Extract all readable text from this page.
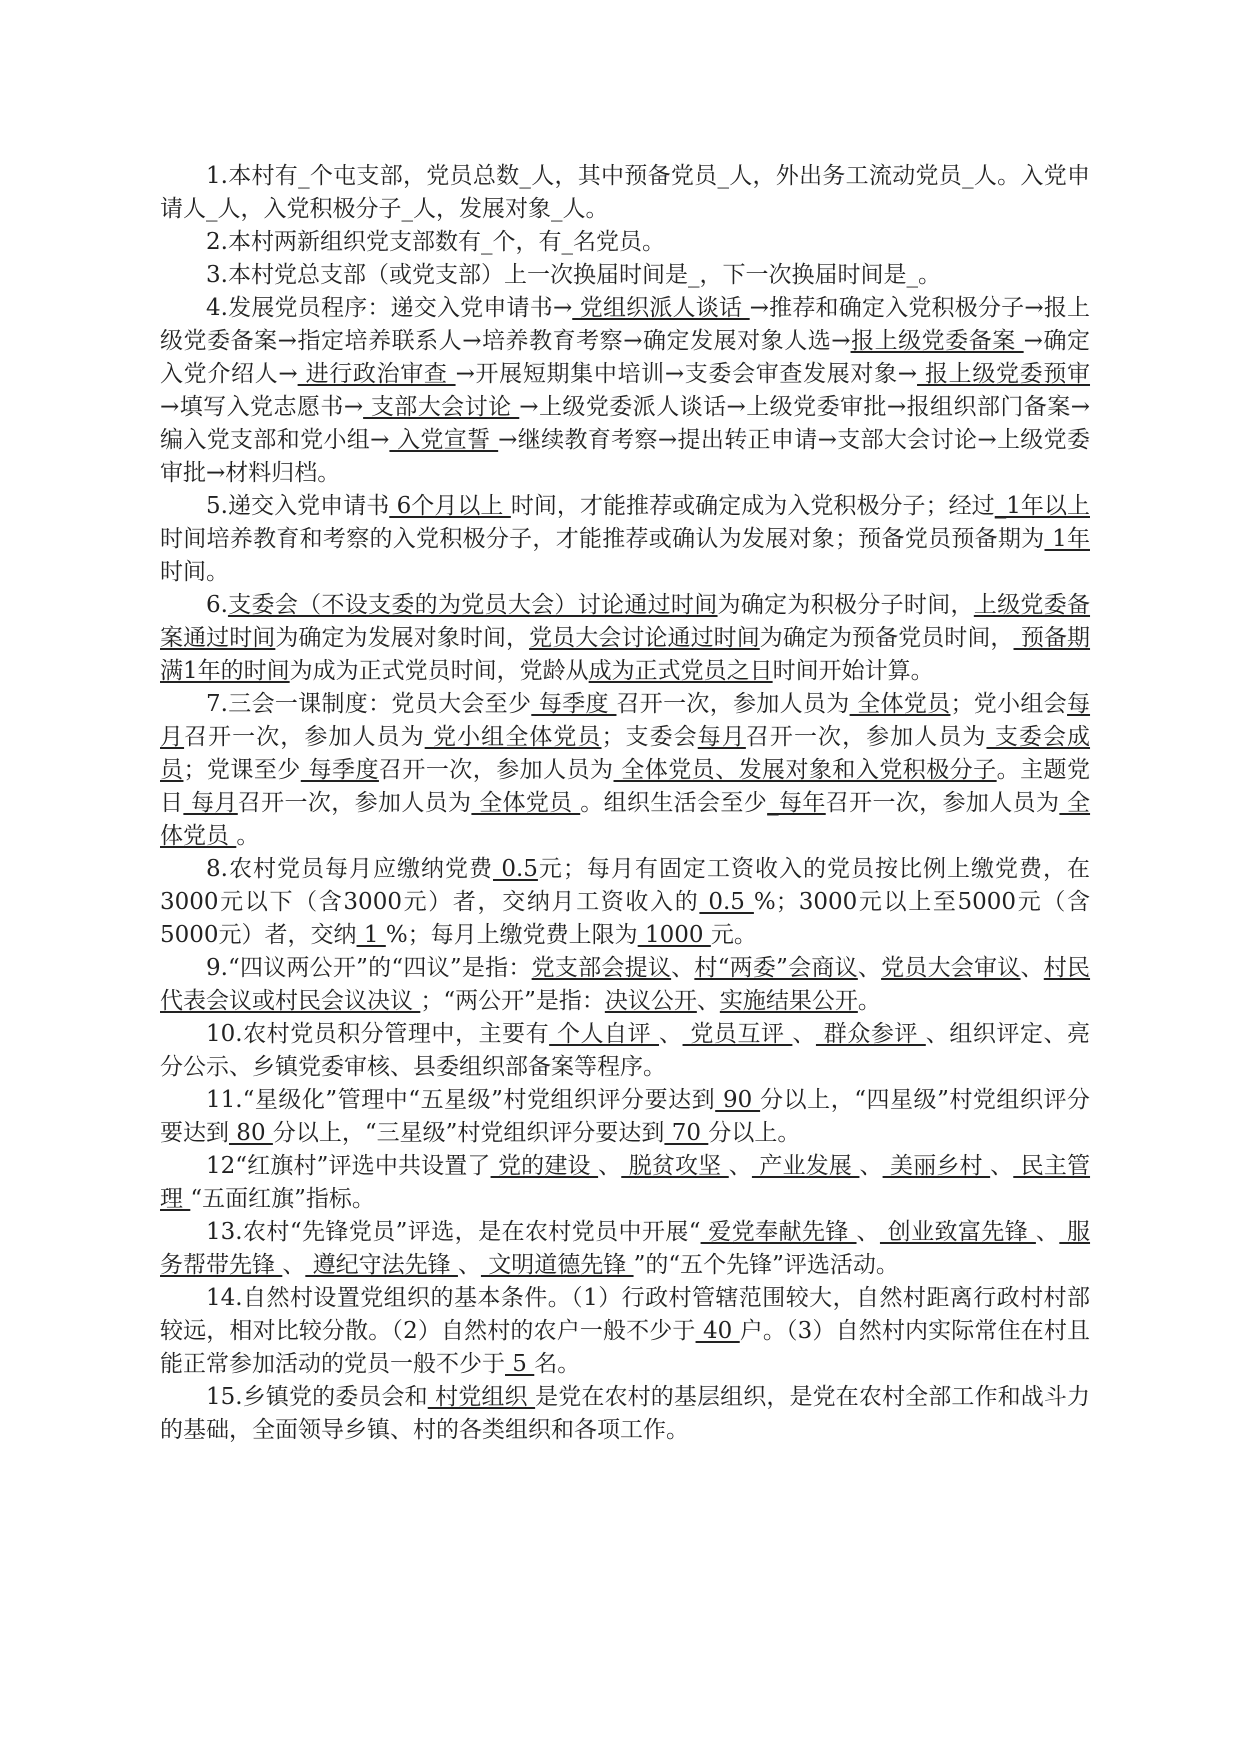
1.本村有_个屯支部，党员总数_人，其中预备党员_人，外出务工流动党员_人。入党申请人_人，入党积极分子_人，发展对象_人。

2.本村两新组织党支部数有_个，有_名党员。

3.本村党总支部（或党支部）上一次换届时间是_，下一次换届时间是_。

4.发展党员程序：递交入党申请书→ 党组织派人谈话 →推荐和确定入党积极分子→报上级党委备案→指定培养联系人→培养教育考察→确定发展对象人选→报上级党委备案 →确定入党介绍人→ 进行政治审查 →开展短期集中培训→支委会审查发展对象→ 报上级党委预审 →填写入党志愿书→ 支部大会讨论 →上级党委派人谈话→上级党委审批→报组织部门备案→编入党支部和党小组→ 入党宣誓 →继续教育考察→提出转正申请→支部大会讨论→上级党委审批→材料归档。

5.递交入党申请书 6个月以上 时间，才能推荐或确定成为入党积极分子；经过_1年以上 时间培养教育和考察的入党积极分子，才能推荐或确认为发展对象；预备党员预备期为 1年 时间。

6.支委会（不设支委的为党员大会）讨论通过时间为确定为积极分子时间，上级党委备案通过时间为确定为发展对象时间，党员大会讨论通过时间为确定为预备党员时间， 预备期满1年的时间为成为正式党员时间，党龄从成为正式党员之日时间开始计算。

7.三会一课制度：党员大会至少 每季度 召开一次，参加人员为 全体党员；党小组会每月召开一次，参加人员为 党小组全体党员；支委会每月召开一次，参加人员为 支委会成员；党课至少 每季度召开一次，参加人员为 全体党员、发展对象和入党积极分子。主题党日 每月召开一次，参加人员为 全体党员 。组织生活会至少_每年召开一次，参加人员为 全体党员 。

8.农村党员每月应缴纳党费 0.5元；每月有固定工资收入的党员按比例上缴党费，在3000元以下（含3000元）者，交纳月工资收入的 0.5 %；3000元以上至5000元（含5000元）者，交纳 1 %；每月上缴党费上限为 1000 元。

9.“四议两公开”的“四议”是指：党支部会提议、村“两委”会商议、党员大会审议、村民代表会议或村民会议决议 ；“两公开”是指：决议公开、实施结果公开。

10.农村党员积分管理中，主要有 个人自评 、 党员互评 、 群众参评 、组织评定、亮分公示、乡镇党委审核、县委组织部备案等程序。

11.“星级化”管理中“五星级”村党组织评分要达到 90 分以上，“四星级”村党组织评分要达到 80 分以上，“三星级”村党组织评分要达到 70 分以上。

12“红旗村”评选中共设置了 党的建设 、 脱贫攻坚 、 产业发展 、 美丽乡村 、 民主管理 “五面红旗”指标。

13.农村“先锋党员”评选，是在农村党员中开展“ 爱党奉献先锋 、 创业致富先锋 、 服务帮带先锋 、 遵纪守法先锋 、 文明道德先锋 ”的“五个先锋”评选活动。

14.自然村设置党组织的基本条件。（1）行政村管辖范围较大，自然村距离行政村村部较远，相对比较分散。（2）自然村的农户一般不少于 40 户。（3）自然村内实际常住在村且能正常参加活动的党员一般不少于 5 名。

15.乡镇党的委员会和 村党组织 是党在农村的基层组织，是党在农村全部工作和战斗力的基础，全面领导乡镇、村的各类组织和各项工作。
